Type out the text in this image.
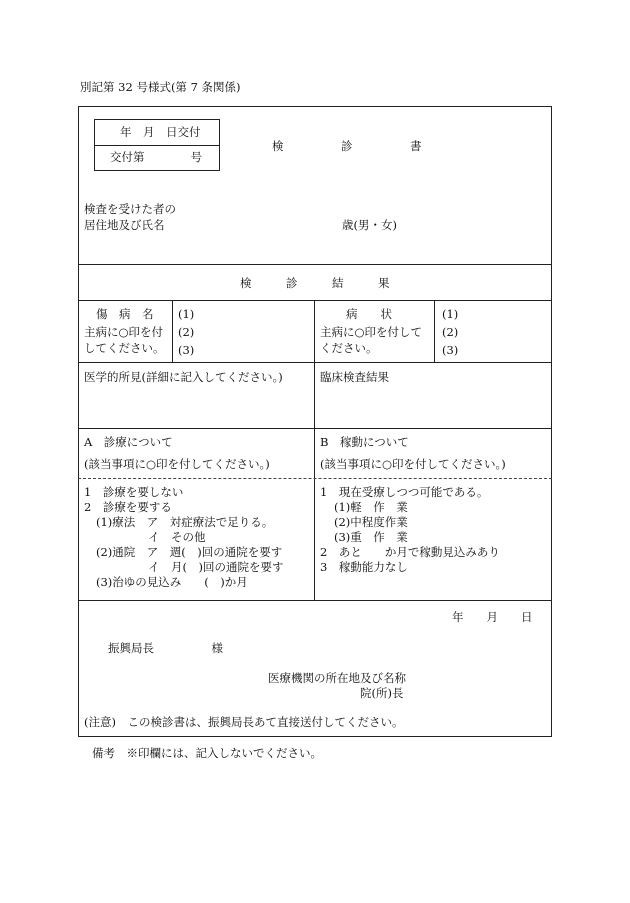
別記第 32 号様式(第 7 条関係)
年　月　日交付
交付第　　　　号
検　　　　　診　　　　　書
検査を受けた者の
居住地及び氏名	歳(男・女)
検　　　診　　　結　　　果
傷　病　名
主病に○印を付
してください。
(1)
(2)
(3)
病　　状
主病に○印を付して
ください。
(1)
(2)
(3)
医学的所見(詳細に記入してください。)	臨床検査結果
A　診療について
(該当事項に○印を付してください。)
B　稼動について
(該当事項に○印を付してください。)
1　診療を要しない
2　診療を要する
(1)療法　ア　対症療法で足りる。
イ　その他
(2)通院　ア　週(　)回の通院を要す
イ　月(　)回の通院を要す
(3)治ゆの見込み　　(　)か月
1　現在受療しつつ可能である。
(1)軽　作　業
(2)中程度作業
(3)重　作　業
2　あと　　か月で稼動見込みあり
3　稼動能力なし
年　　月　　日
振興局長　　　　　様
医療機関の所在地及び名称
院(所)長
(注意)　この検診書は、振興局長あて直接送付してください。
備考　※印欄には、記入しないでください。
